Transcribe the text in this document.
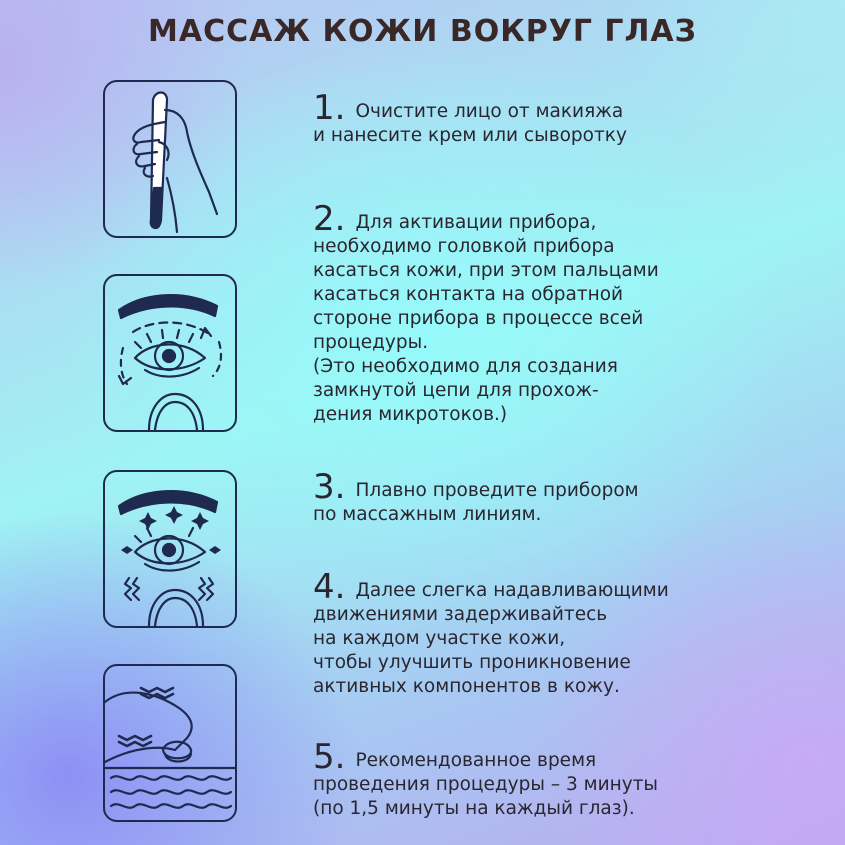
МАССАЖ КОЖИ ВОКРУГ ГЛАЗ
1. Очистите лицо от макияжа
и нанесите крем или сыворотку
2. Для активации прибора,
необходимо головкой прибора
касаться кожи, при этом пальцами
касаться контакта на обратной
стороне прибора в процессе всей
процедуры.
(Это необходимо для создания
замкнутой цепи для прохож-
дения микротоков.)
3. Плавно проведите прибором
по массажным линиям.
4. Далее слегка надавливающими
движениями задерживайтесь
на каждом участке кожи,
чтобы улучшить проникновение
активных компонентов в кожу.
5. Рекомендованное время
проведения процедуры – 3 минуты
(по 1,5 минуты на каждый глаз).
